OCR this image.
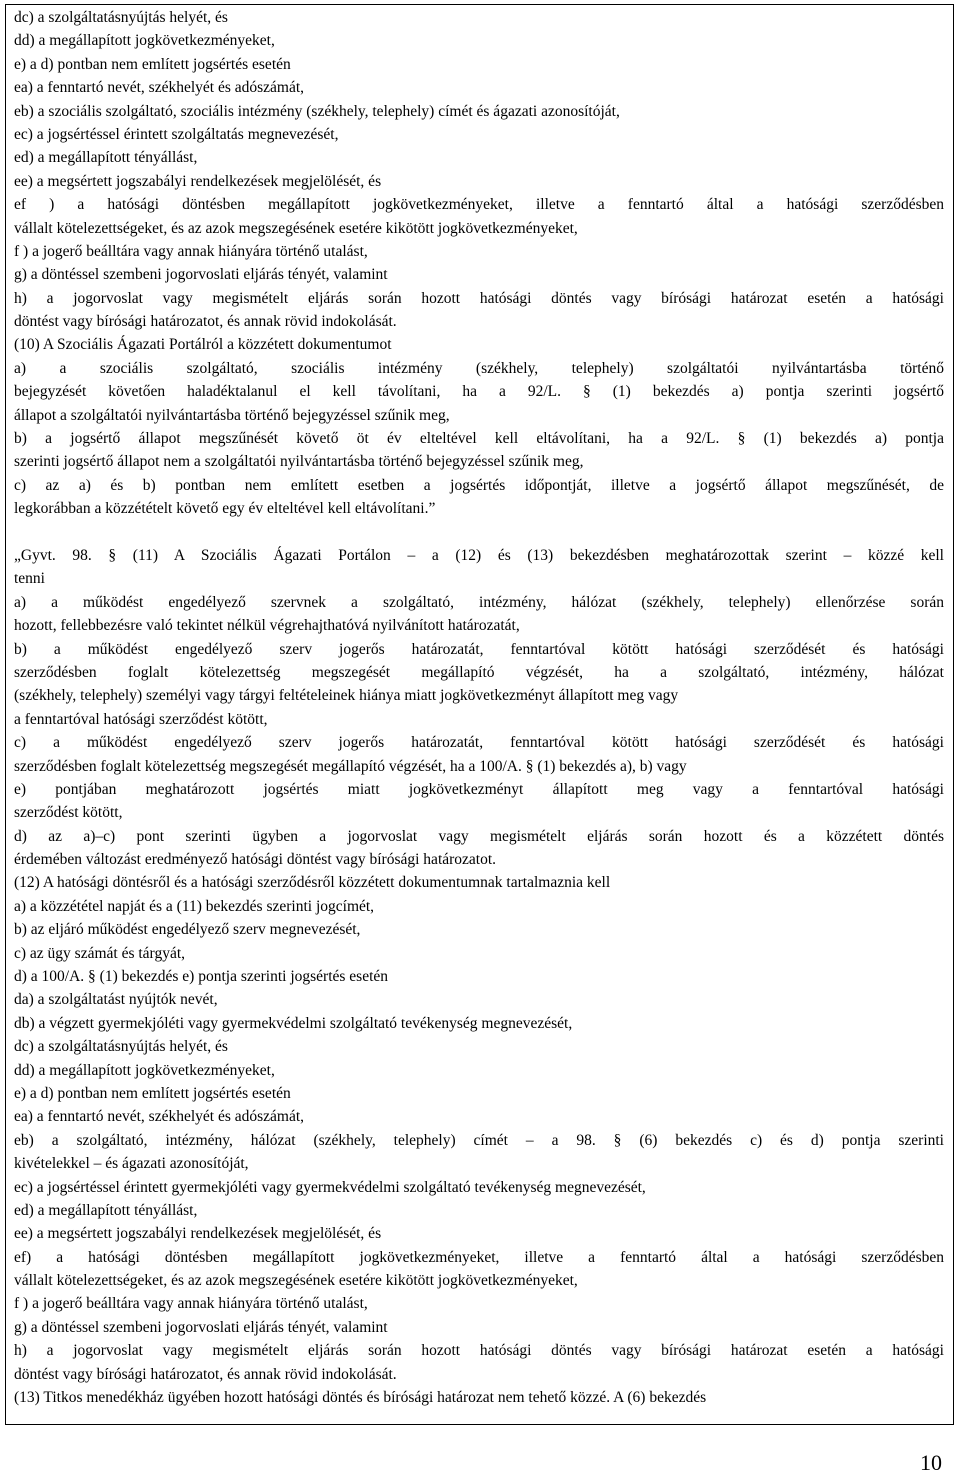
dc) a szolgáltatásnyújtás helyét, és
dd) a megállapított jogkövetkezményeket,
e) a d) pontban nem említett jogsértés esetén
ea) a fenntartó nevét, székhelyét és adószámát,
eb) a szociális szolgáltató, szociális intézmény (székhely, telephely) címét és ágazati azonosítóját,
ec) a jogsértéssel érintett szolgáltatás megnevezését,
ed) a megállapított tényállást,
ee) a megsértett jogszabályi rendelkezések megjelölését, és
ef ) a hatósági döntésben megállapított jogkövetkezményeket, illetve a fenntartó által a hatósági szerződésben
vállalt kötelezettségeket, és az azok megszegésének esetére kikötött jogkövetkezményeket,
f ) a jogerő beálltára vagy annak hiányára történő utalást,
g) a döntéssel szembeni jogorvoslati eljárás tényét, valamint
h) a jogorvoslat vagy megismételt eljárás során hozott hatósági döntés vagy bírósági határozat esetén a hatósági
döntést vagy bírósági határozatot, és annak rövid indokolását.
(10) A Szociális Ágazati Portálról a közzétett dokumentumot
a) a szociális szolgáltató, szociális intézmény (székhely, telephely) szolgáltatói nyilvántartásba történő
bejegyzését követően haladéktalanul el kell távolítani, ha a 92/L. § (1) bekezdés a) pontja szerinti jogsértő
állapot a szolgáltatói nyilvántartásba történő bejegyzéssel szűnik meg,
b) a jogsértő állapot megszűnését követő öt év elteltével kell eltávolítani, ha a 92/L. § (1) bekezdés a) pontja
szerinti jogsértő állapot nem a szolgáltatói nyilvántartásba történő bejegyzéssel szűnik meg,
c) az a) és b) pontban nem említett esetben a jogsértés időpontját, illetve a jogsértő állapot megszűnését, de
legkorábban a közzétételt követő egy év elteltével kell eltávolítani.”
„Gyvt. 98. § (11) A Szociális Ágazati Portálon – a (12) és (13) bekezdésben meghatározottak szerint – közzé kell
tenni
a) a működést engedélyező szervnek a szolgáltató, intézmény, hálózat (székhely, telephely) ellenőrzése során
hozott, fellebbezésre való tekintet nélkül végrehajthatóvá nyilvánított határozatát,
b) a működést engedélyező szerv jogerős határozatát, fenntartóval kötött hatósági szerződését és hatósági
szerződésben foglalt kötelezettség megszegését megállapító végzését, ha a szolgáltató, intézmény, hálózat
(székhely, telephely) személyi vagy tárgyi feltételeinek hiánya miatt jogkövetkezményt állapított meg vagy
a fenntartóval hatósági szerződést kötött,
c) a működést engedélyező szerv jogerős határozatát, fenntartóval kötött hatósági szerződését és hatósági
szerződésben foglalt kötelezettség megszegését megállapító végzését, ha a 100/A. § (1) bekezdés a), b) vagy
e) pontjában meghatározott jogsértés miatt jogkövetkezményt állapított meg vagy a fenntartóval hatósági
szerződést kötött,
d) az a)–c) pont szerinti ügyben a jogorvoslat vagy megismételt eljárás során hozott és a közzétett döntés
érdemében változást eredményező hatósági döntést vagy bírósági határozatot.
(12) A hatósági döntésről és a hatósági szerződésről közzétett dokumentumnak tartalmaznia kell
a) a közzététel napját és a (11) bekezdés szerinti jogcímét,
b) az eljáró működést engedélyező szerv megnevezését,
c) az ügy számát és tárgyát,
d) a 100/A. § (1) bekezdés e) pontja szerinti jogsértés esetén
da) a szolgáltatást nyújtók nevét,
db) a végzett gyermekjóléti vagy gyermekvédelmi szolgáltató tevékenység megnevezését,
dc) a szolgáltatásnyújtás helyét, és
dd) a megállapított jogkövetkezményeket,
e) a d) pontban nem említett jogsértés esetén
ea) a fenntartó nevét, székhelyét és adószámát,
eb) a szolgáltató, intézmény, hálózat (székhely, telephely) címét – a 98. § (6) bekezdés c) és d) pontja szerinti
kivételekkel – és ágazati azonosítóját,
ec) a jogsértéssel érintett gyermekjóléti vagy gyermekvédelmi szolgáltató tevékenység megnevezését,
ed) a megállapított tényállást,
ee) a megsértett jogszabályi rendelkezések megjelölését, és
ef) a hatósági döntésben megállapított jogkövetkezményeket, illetve a fenntartó által a hatósági szerződésben
vállalt kötelezettségeket, és az azok megszegésének esetére kikötött jogkövetkezményeket,
f ) a jogerő beálltára vagy annak hiányára történő utalást,
g) a döntéssel szembeni jogorvoslati eljárás tényét, valamint
h) a jogorvoslat vagy megismételt eljárás során hozott hatósági döntés vagy bírósági határozat esetén a hatósági
döntést vagy bírósági határozatot, és annak rövid indokolását.
(13) Titkos menedékház ügyében hozott hatósági döntés és bírósági határozat nem tehető közzé. A (6) bekezdés
10
